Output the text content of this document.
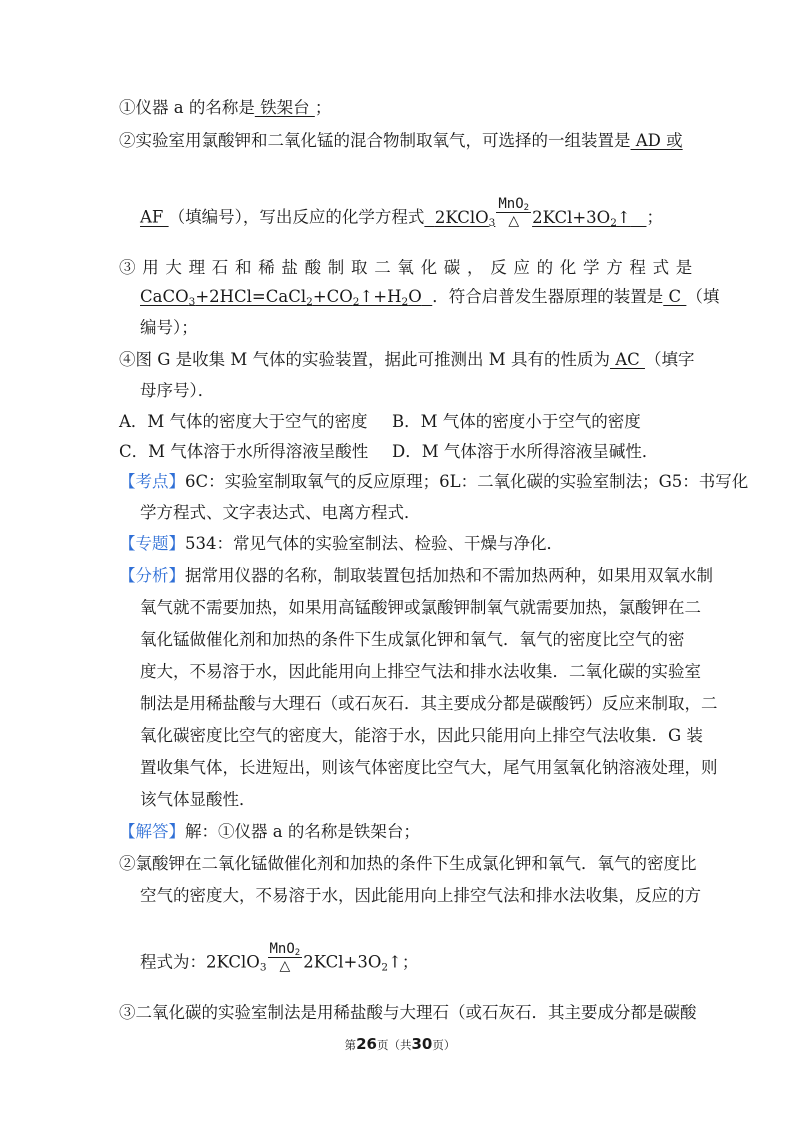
①仪器 a 的名称是 铁架台 ；
②实验室用氯酸钾和二氧化锰的混合物制取氧气，可选择的一组装置是 AD 或
AF （填编号），写出反应的化学方程式 2KClO$_3$ $\frac{MnO_2}{\triangle}$ $2KCl+3O_2↑$ ；
③用大理石和稀盐酸制取二氧化碳，反应的化学方程式是
$CaCO_3+2HCl=CaCl_2+CO_2↑+H_2O$ ．符合启普发生器原理的装置是 C （填
编号）；
④图 G 是收集 M 气体的实验装置，据此可推测出 M 具有的性质为 AC （填字
母序号）．
A．M 气体的密度大于空气的密度 B．M 气体的密度小于空气的密度
C．M 气体溶于水所得溶液呈酸性 D．M 气体溶于水所得溶液呈碱性．
【考点】6C：实验室制取氧气的反应原理；6L：二氧化碳的实验室制法；G5：书写化
学方程式、文字表达式、电离方程式．
【专题】534：常见气体的实验室制法、检验、干燥与净化．
【分析】据常用仪器的名称，制取装置包括加热和不需加热两种，如果用双氧水制
氧气就不需要加热，如果用高锰酸钾或氯酸钾制氧气就需要加热，氯酸钾在二
氧化锰做催化剂和加热的条件下生成氯化钾和氧气．氧气的密度比空气的密
度大，不易溶于水，因此能用向上排空气法和排水法收集．二氧化碳的实验室
制法是用稀盐酸与大理石（或石灰石．其主要成分都是碳酸钙）反应来制取，二
氧化碳密度比空气的密度大，能溶于水，因此只能用向上排空气法收集．G 装
置收集气体，长进短出，则该气体密度比空气大，尾气用氢氧化钠溶液处理，则
该气体显酸性．
【解答】解：①仪器 a 的名称是铁架台；
②氯酸钾在二氧化锰做催化剂和加热的条件下生成氯化钾和氧气．氧气的密度比
空气的密度大，不易溶于水，因此能用向上排空气法和排水法收集，反应的方
程式为：2KClO$_3$ $\frac{MnO_2}{\triangle}$ $2KCl+3O_2↑$；
③二氧化碳的实验室制法是用稀盐酸与大理石（或石灰石．其主要成分都是碳酸
第26页（共30页）
